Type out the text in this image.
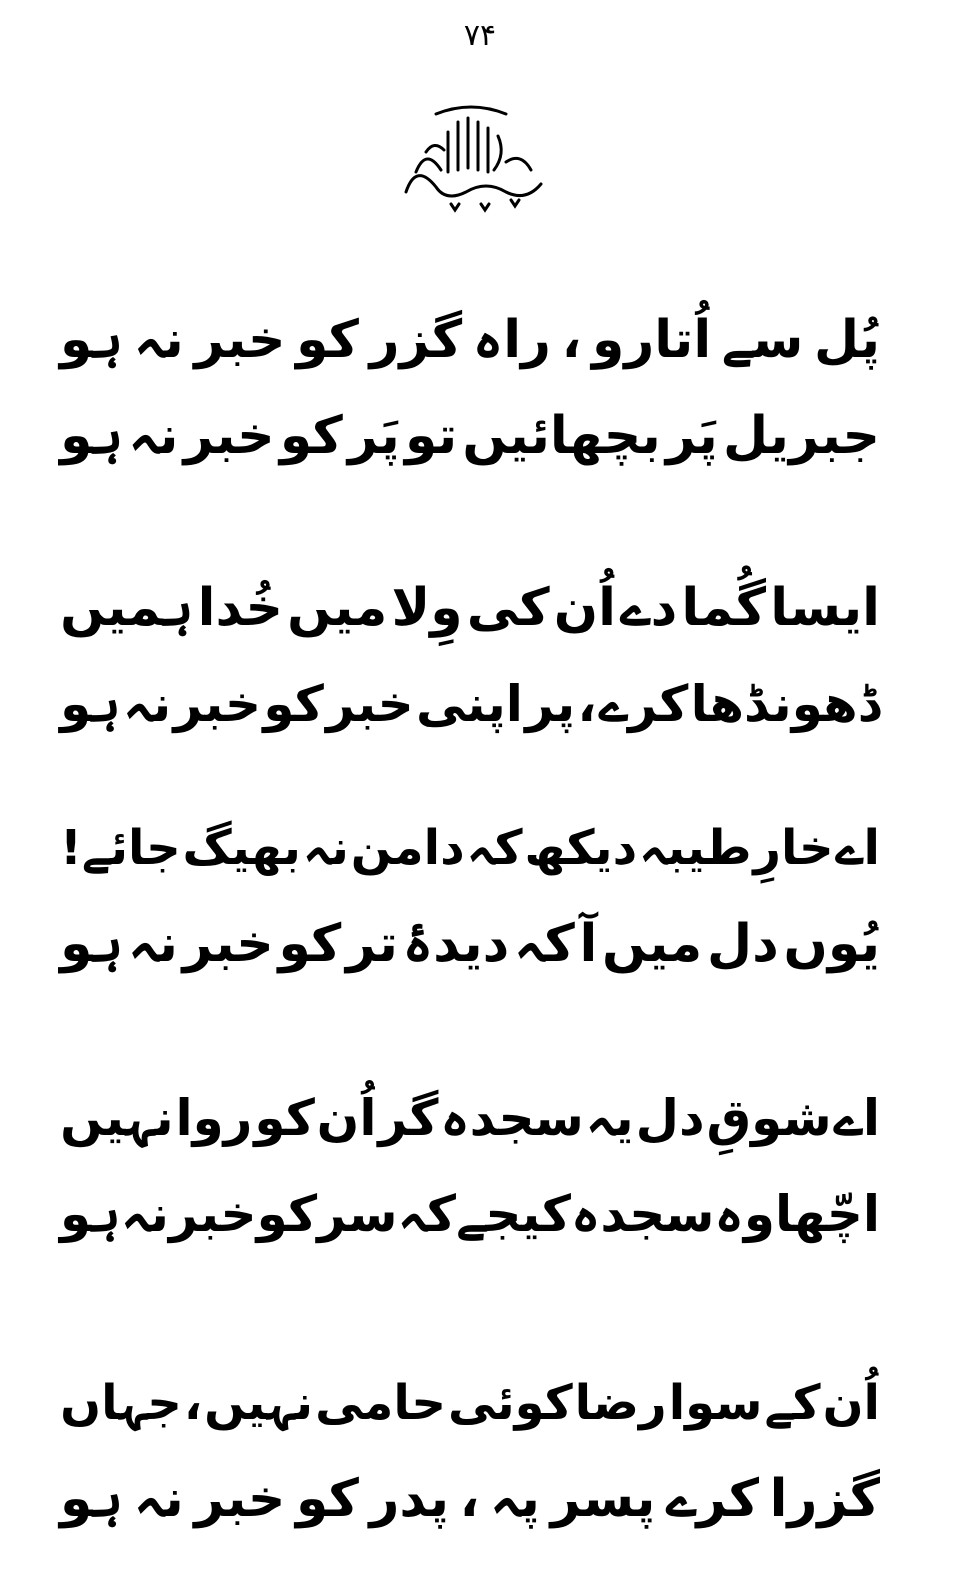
۷۴
پُل
سے
اُتارو
،
راہ
گزر
کو
خبر
نہ
ہو
جبریل
پَر
بچھائیں
تو
پَر
کو
خبر
نہ
ہو
ایسا
گُما
دے
اُن
کی
وِلا
میں
خُدا
ہمیں
ڈھونڈھا
کرے
،
پر
اپنی
خبر
کو
خبر
نہ
ہو
اے
خارِ
طیبہ
دیکھ
کہ
دامن
نہ
بھیگ
جائے!
یُوں
دل
میں
آ
کہ
دیدۂ
تر
کو
خبر
نہ
ہو
اے
شوقِ
دل
یہ
سجدہ
گر
اُن
کو
روا
نہیں
اچّھا
وہ
سجدہ
کیجے
کہ
سر
کو
خبر
نہ
ہو
اُن
کے
سوا
رضا
کوئی
حامی
نہیں
،
جہاں
گزرا
کرے
پسر
پہ
،
پدر
کو
خبر
نہ
ہو
